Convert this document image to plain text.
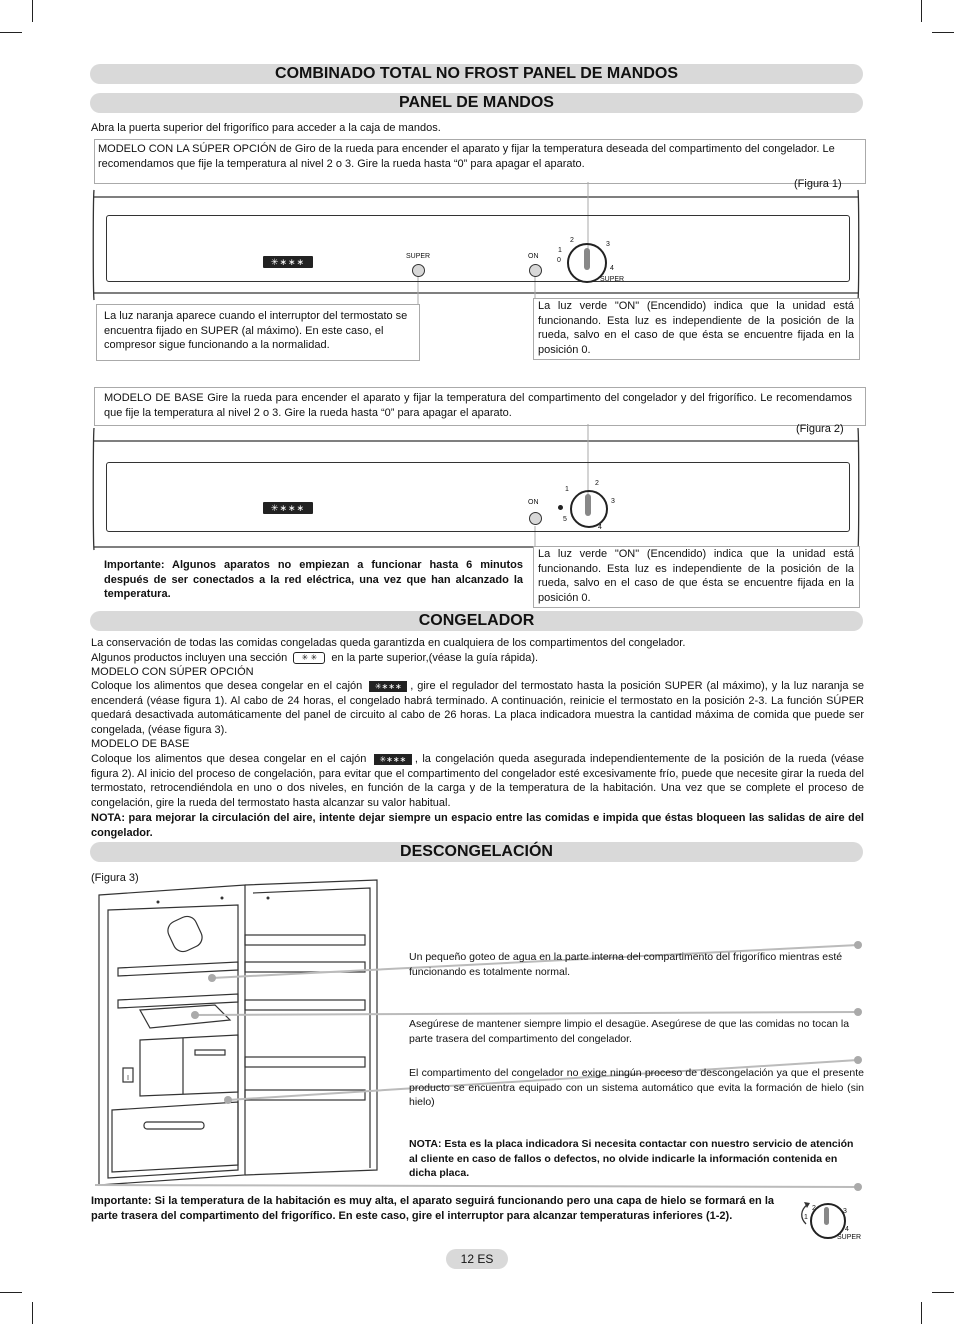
COMBINADO TOTAL NO FROST PANEL DE MANDOS
PANEL DE MANDOS
Abra la puerta superior del frigorífico para acceder a la caja de mandos.
MODELO CON LA SÚPER OPCIÓN de Giro de la rueda para encender el aparato y fijar la temperatura deseada del compartimento del congelador. Le recomendamos que fije la temperatura al nivel 2 o 3. Gire la rueda hasta “0” para apagar el aparato.
(Figura 1)
✳∗∗∗
SUPER	ON
2
3
1
0
4
SUPER
La luz naranja aparece cuando el interruptor del termostato se encuentra fijado en SUPER (al máximo). En este caso, el compresor sigue funcionando a la normalidad.
La luz verde "ON" (Encendido) indica que la unidad está funcionando. Esta luz es independiente de la posición de la rueda, salvo en el caso de que ésta se encuentre fijada en la posición 0.
MODELO DE BASE Gire la rueda para encender el aparato y fijar la temperatura del compartimento del congelador y del frigorífico. Le recomendamos que fije la temperatura al nivel 2 o 3. Gire la rueda hasta “0” para apagar el aparato.
(Figura 2)
✳∗∗∗
ON
1
2
3
5
4
Importante: Algunos aparatos no empiezan a funcionar hasta 6 minutos después de ser conectados a la red eléctrica, una vez que han alcanzado la temperatura.
La luz verde "ON" (Encendido) indica que la unidad está funcionando. Esta luz es independiente de la posición de la rueda, salvo en el caso de que ésta se encuentre fijada en la posición 0.
CONGELADOR
La conservación de todas las comidas congeladas queda garantizda en cualquiera de los compartimentos del congelador.
Algunos productos incluyen una sección ✳ ✳ en la parte superior,(véase la guía rápida).
MODELO CON SÚPER OPCIÓN
Coloque los alimentos que desea congelar en el cajón ✳∗∗∗ , gire el regulador del termostato hasta la posición SUPER (al máximo), y la luz naranja se encenderá (véase figura 1). Al cabo de 24 horas, el congelado habrá terminado. A continuación, reinicie el termostato en la posición 2-3. La función SÚPER quedará desactivada automáticamente del panel de circuito al cabo de 26 horas. La placa indicadora muestra la cantidad máxima de comida que puede ser congelada, (véase figura 3).
MODELO DE BASE
Coloque los alimentos que desea congelar en el cajón ✳∗∗∗ , la congelación queda asegurada independientemente de la posición de la rueda (véase figura 2). Al inicio del proceso de congelación, para evitar que el compartimento del congelador esté excesivamente frío, puede que necesite girar la rueda del termostato, retrocendiéndola en uno o dos niveles, en función de la carga y de la temperatura de la habitación. Una vez que se complete el proceso de congelación, gire la rueda del termostato hasta alcanzar su valor habitual.
NOTA: para mejorar la circulación del aire, intente dejar siempre un espacio entre las comidas e impida que éstas bloqueen las salidas de aire del congelador.
DESCONGELACIÓN
(Figura 3)
Un pequeño goteo de agua en la parte interna del compartimento del frigorífico mientras esté funcionando es totalmente normal.
Asegúrese de mantener siempre limpio el desagüe. Asegúrese de que las comidas no tocan la parte trasera del compartimento del congelador.
El compartimento del congelador no exige ningún proceso de descongelación ya que el presente producto se encuentra equipado con un sistema automático que evita la formación de hielo (sin hielo)
NOTA: Esta es la placa indicadora Si necesita contactar con nuestro servicio de atención al cliente en caso de fallos o defectos, no olvide indicarle la información contenida en dicha placa.
Importante: Si la temperatura de la habitación es muy alta, el aparato seguirá funcionando pero una capa de hielo se formará en la parte trasera del compartimento del frigorífico. En este caso, gire el interruptor para alcanzar temperaturas inferiores (1-2).
2	3
1
4
SUPER
12 ES
